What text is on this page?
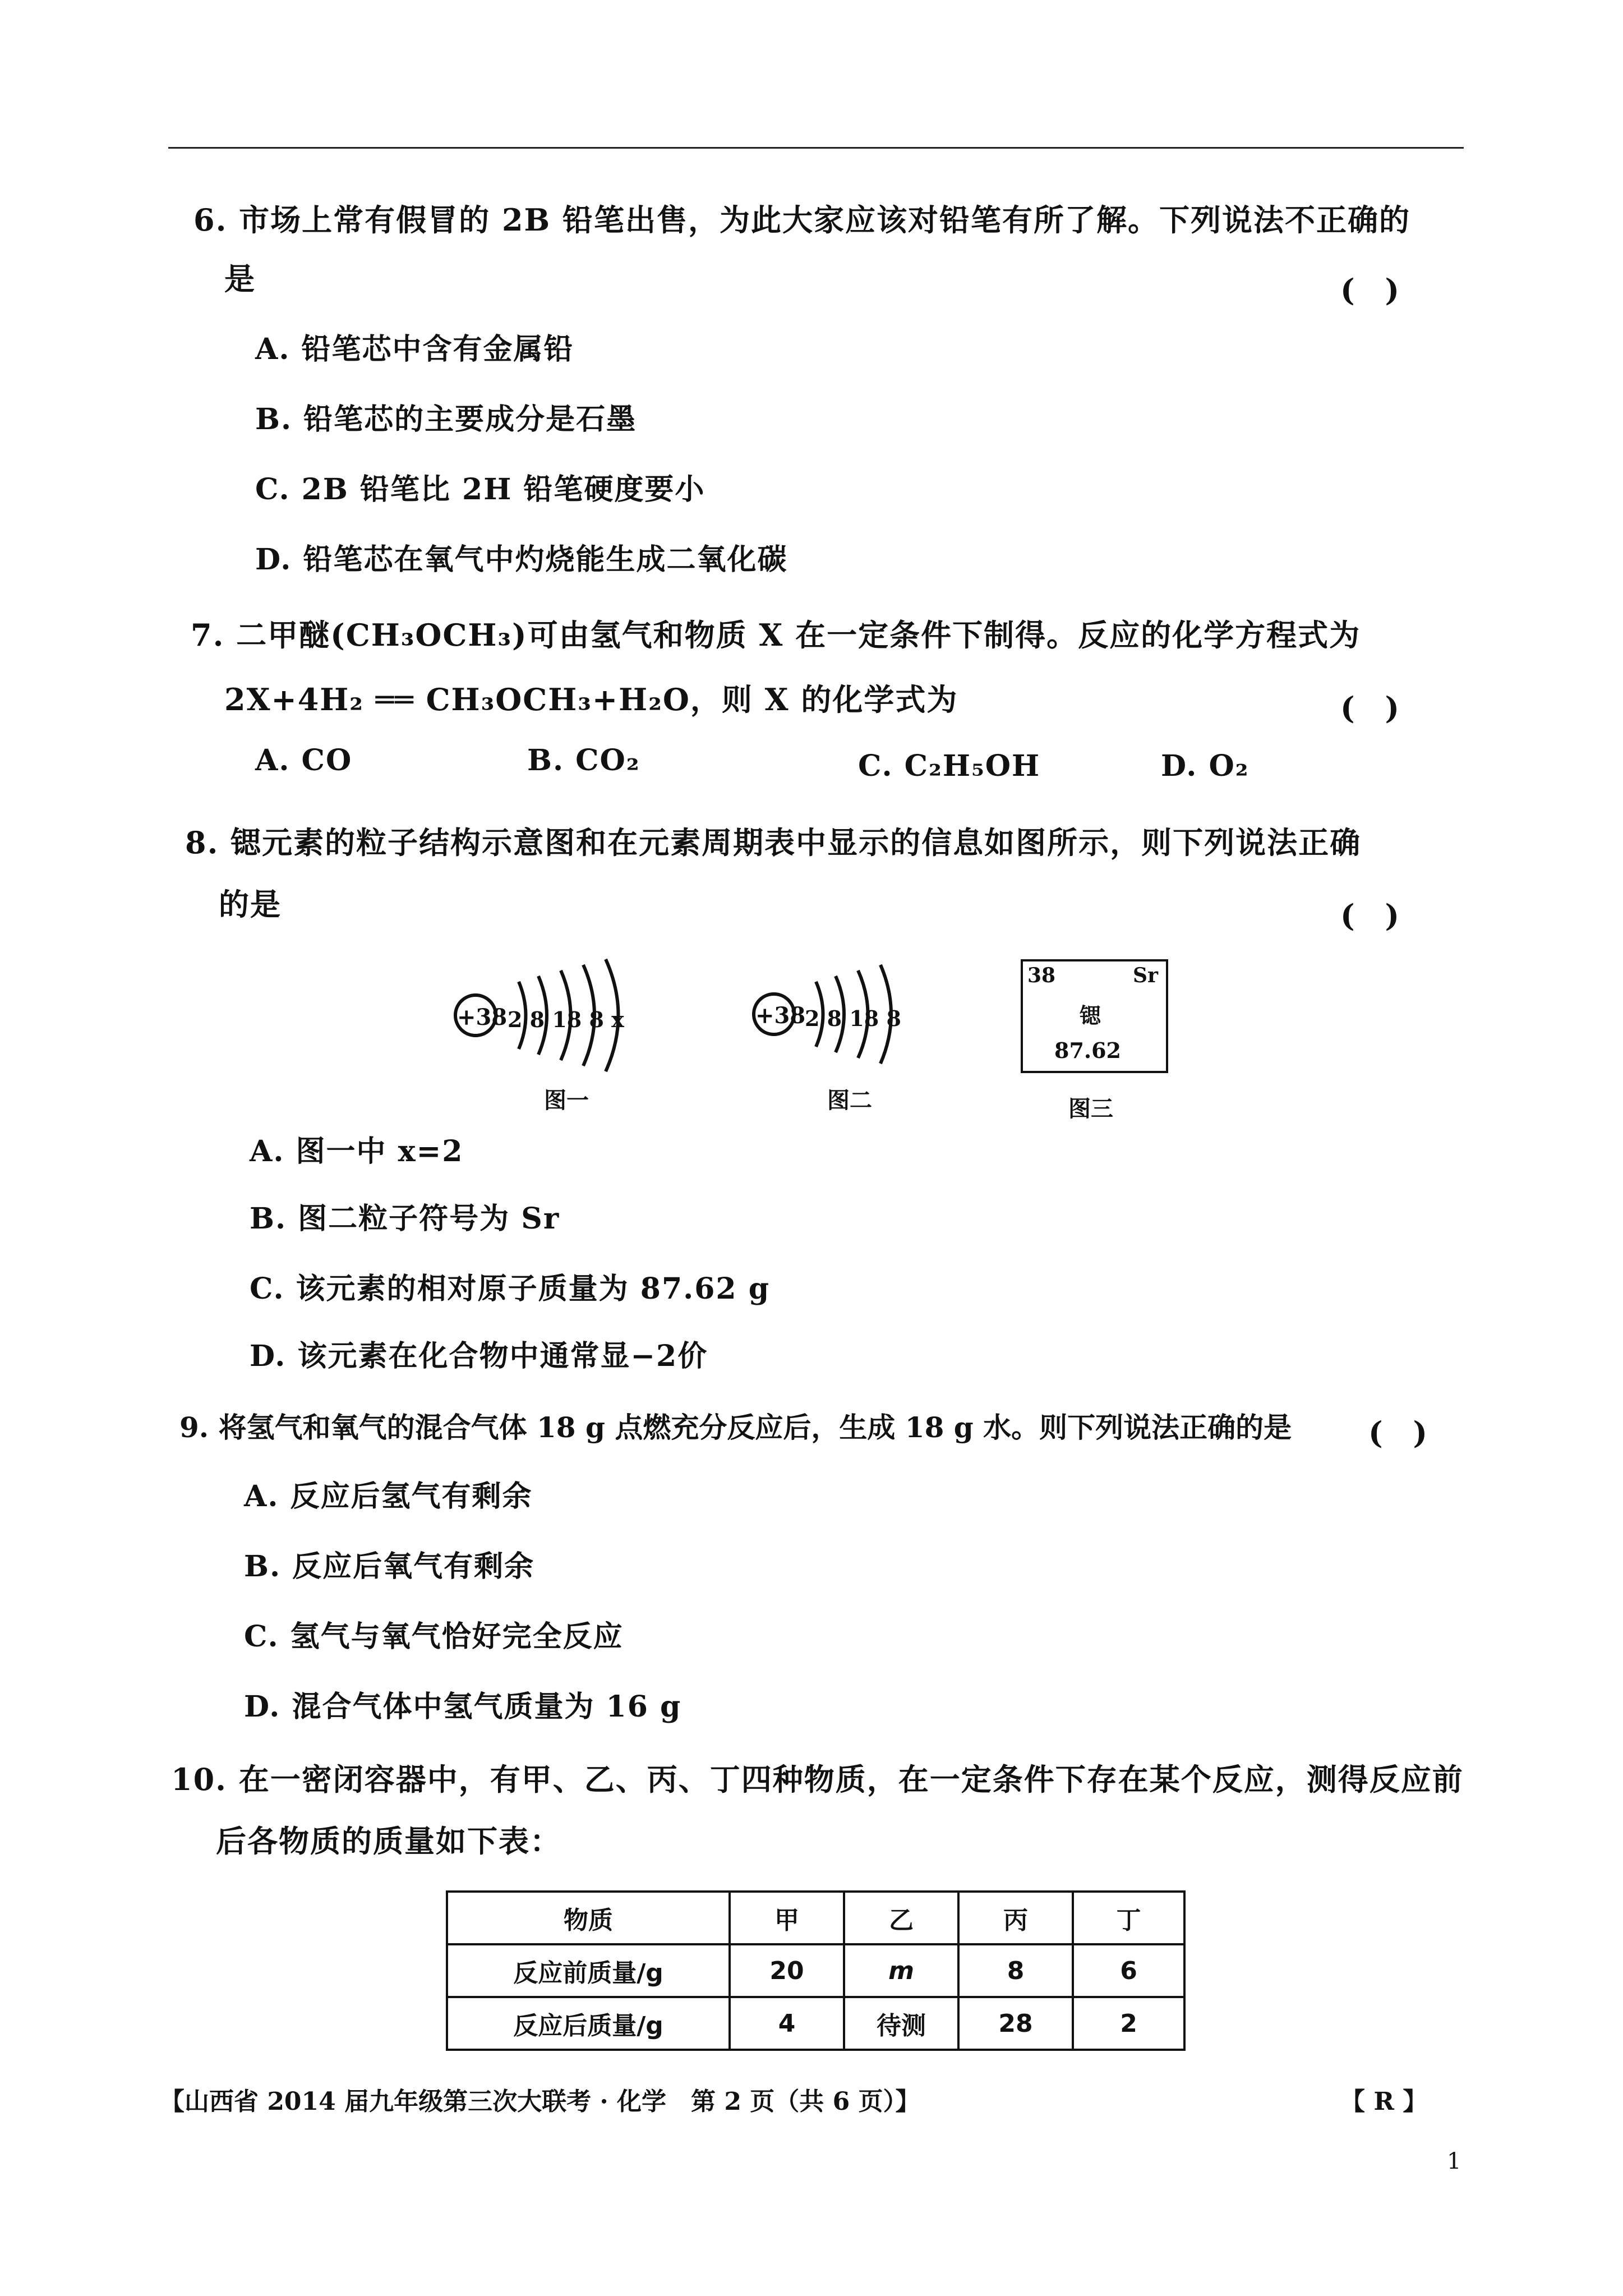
6. 市场上常有假冒的 2B 铅笔出售，为此大家应该对铅笔有所了解。下列说法不正确的
是	(　)
A. 铅笔芯中含有金属铅
B. 铅笔芯的主要成分是石墨
C. 2B 铅笔比 2H 铅笔硬度要小
D. 铅笔芯在氧气中灼烧能生成二氧化碳
7. 二甲醚(CH₃OCH₃)可由氢气和物质 X 在一定条件下制得。反应的化学方程式为
2X+4H₂ ══ CH₃OCH₃+H₂O，则 X 的化学式为	(　)
A. CO	B. CO₂	C. C₂H₅OH	D. O₂
8. 锶元素的粒子结构示意图和在元素周期表中显示的信息如图所示，则下列说法正确
的是	(　)
+38 2 8 18 8 x
图一
+38
2 8 18 8
图二
38	Sr
锶
87.62
图三
A. 图一中 x=2
B. 图二粒子符号为 Sr
C. 该元素的相对原子质量为 87.62 g
D. 该元素在化合物中通常显−2价
9. 将氢气和氧气的混合气体 18 g 点燃充分反应后，生成 18 g 水。则下列说法正确的是	(　)
A. 反应后氢气有剩余
B. 反应后氧气有剩余
C. 氢气与氧气恰好完全反应
D. 混合气体中氢气质量为 16 g
10. 在一密闭容器中，有甲、乙、丙、丁四种物质，在一定条件下存在某个反应，测得反应前
后各物质的质量如下表：
物质	甲	乙	丙	丁
反应前质量/g	20	m	8	6
反应后质量/g	4	待测	28	2
【山西省 2014 届九年级第三次大联考 · 化学　第 2 页（共 6 页）】	【 R 】
1
